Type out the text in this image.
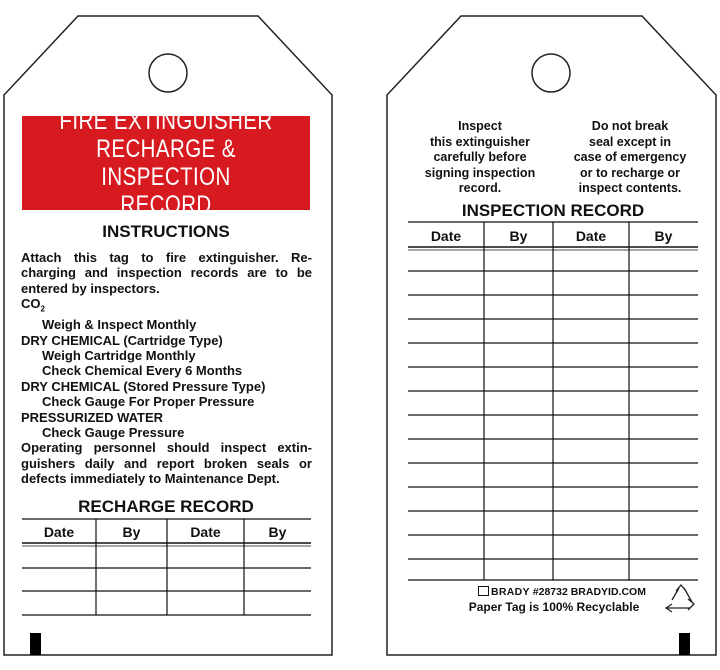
FIRE EXTINGUISHER
RECHARGE & INSPECTION
RECORD
INSTRUCTIONS
Attach this tag to fire extinguisher. Re-
charging and inspection records are to be
entered by inspectors.
$CO_2$
Weigh & Inspect Monthly
DRY CHEMICAL (Cartridge Type)
Weigh Cartridge Monthly
Check Chemical Every 6 Months
DRY CHEMICAL (Stored Pressure Type)
Check Gauge For Proper Pressure
PRESSURIZED WATER
Check Gauge Pressure
Operating personnel should inspect extin-
guishers daily and report broken seals or
defects immediately to Maintenance Dept.
RECHARGE RECORD
Date	By	Date	By
Inspect
this extinguisher
carefully before
signing inspection
record.
Do not break
seal except in
case of emergency
or to recharge or
inspect contents.
INSPECTION RECORD
Date	By	Date	By
BRADY #28732 BRADYID.COM
Paper Tag is 100% Recyclable
